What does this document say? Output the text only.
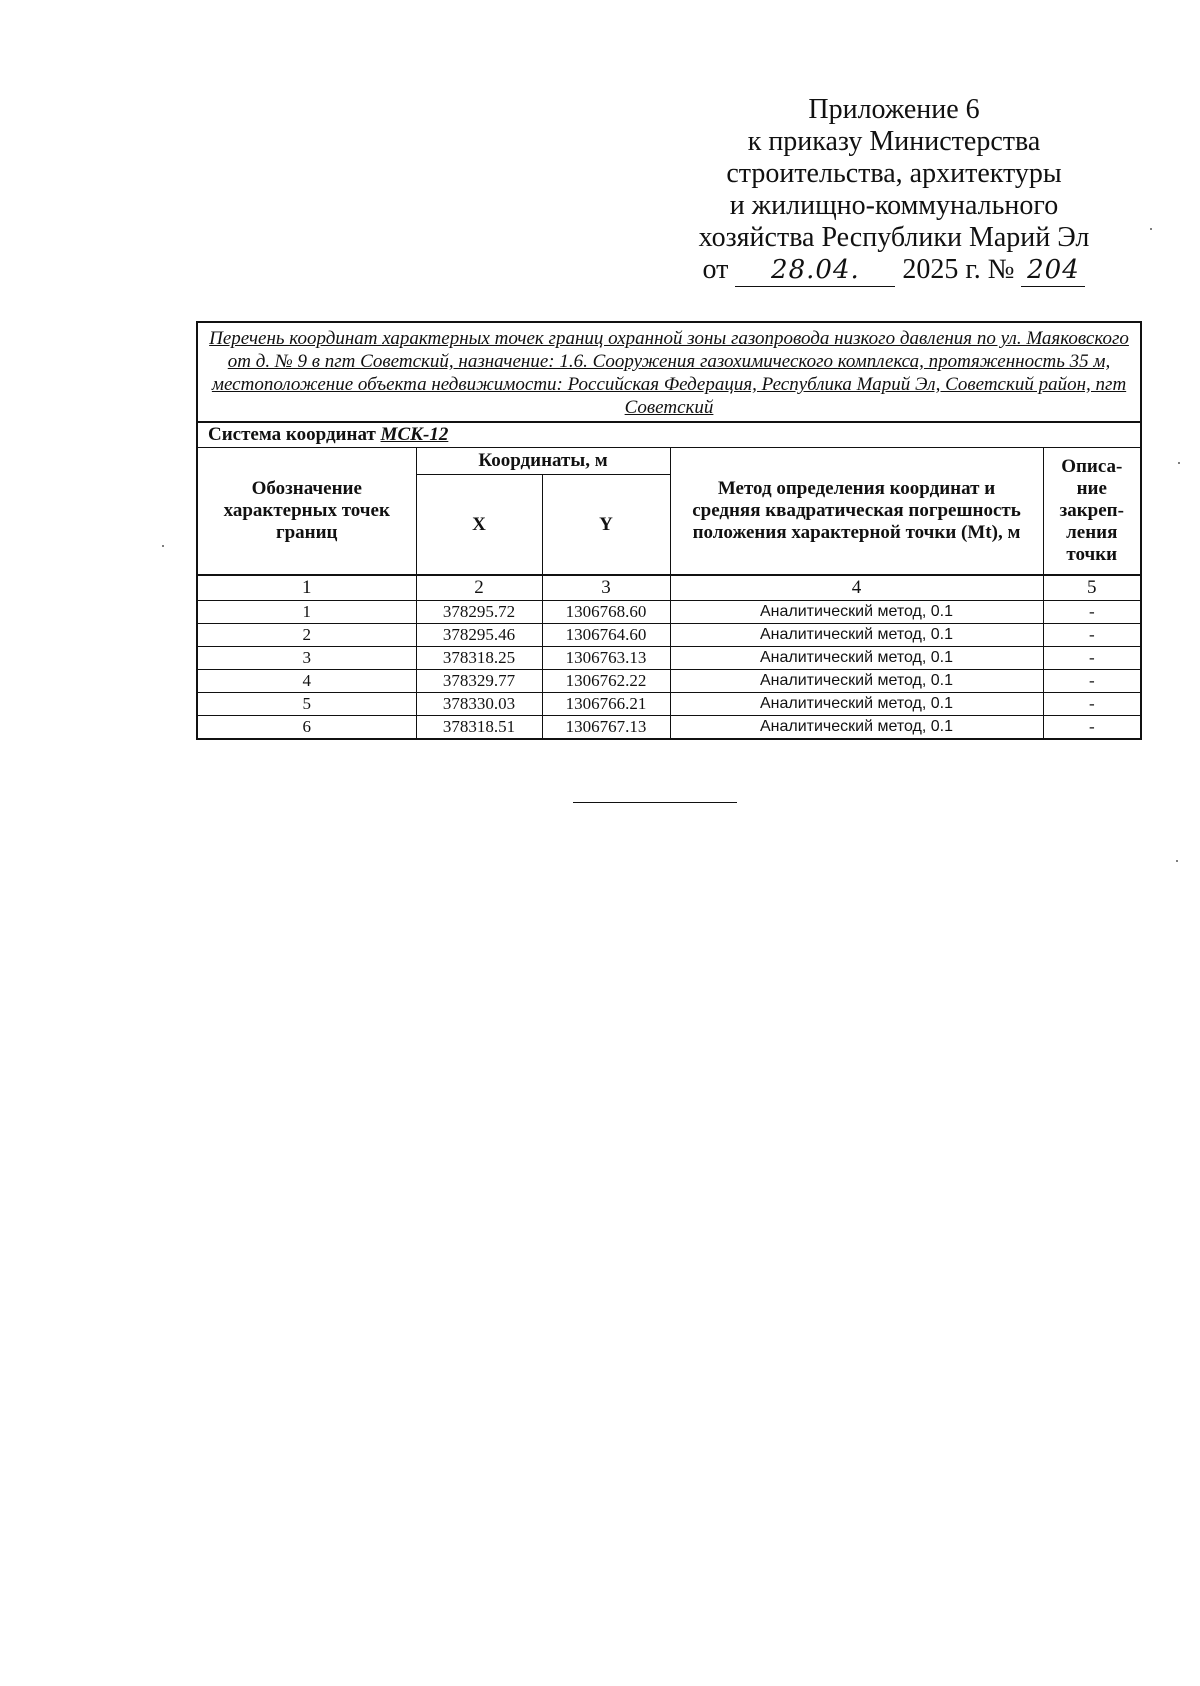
Приложение 6
к приказу Министерства
строительства, архитектуры
и жилищно-коммунального
хозяйства Республики Марий Эл
от 28.04. 2025 г. № 204
Перечень координат характерных точек границ охранной зоны газопровода низкого давления по ул. Маяковского от д. № 9 в пгт Советский, назначение: 1.6. Сооружения газохимического комплекса, протяженность 35 м, местоположение объекта недвижимости: Российская Федерация, Республика Марий Эл, Советский район, пгт Советский				
Система координат МСК-12				
Обозначение характерных точек границ	Координаты, м		Метод определения координат и средняя квадратическая погрешность положения характерной точки (Mt), м	Описа-ние закреп-ления точки
	X	Y		
1	2	3	4	5
1	378295.72	1306768.60	Аналитический метод, 0.1	-
2	378295.46	1306764.60	Аналитический метод, 0.1	-
3	378318.25	1306763.13	Аналитический метод, 0.1	-
4	378329.77	1306762.22	Аналитический метод, 0.1	-
5	378330.03	1306766.21	Аналитический метод, 0.1	-
6	378318.51	1306767.13	Аналитический метод, 0.1	-
